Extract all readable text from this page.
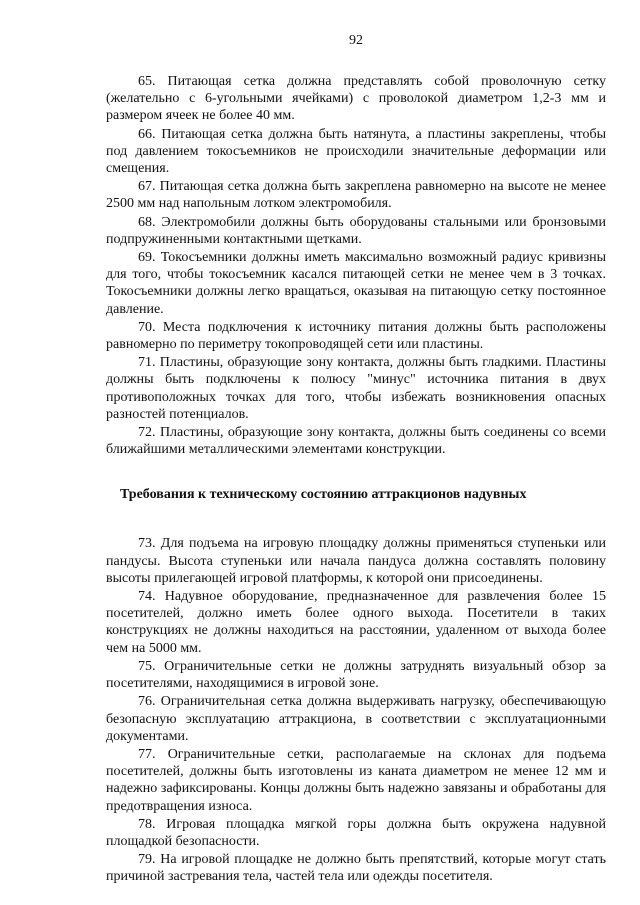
92

65. Питающая сетка должна представлять собой проволочную сетку (желательно с 6-угольными ячейками) с проволокой диаметром 1,2-3 мм и размером ячеек не более 40 мм.

66. Питающая сетка должна быть натянута, а пластины закреплены, чтобы под давлением токосъемников не происходили значительные деформации или смещения.

67. Питающая сетка должна быть закреплена равномерно на высоте не менее 2500 мм над напольным лотком электромобиля.

68. Электромобили должны быть оборудованы стальными или бронзовыми подпружиненными контактными щетками.

69. Токосъемники должны иметь максимально возможный радиус кривизны для того, чтобы токосъемник касался питающей сетки не менее чем в 3 точках. Токосъемники должны легко вращаться, оказывая на питающую сетку постоянное давление.

70. Места подключения к источнику питания должны быть расположены равномерно по периметру токопроводящей сети или пластины.

71. Пластины, образующие зону контакта, должны быть гладкими. Пластины должны быть подключены к полюсу "минус" источника питания в двух противоположных точках для того, чтобы избежать возникновения опасных разностей потенциалов.

72. Пластины, образующие зону контакта, должны быть соединены со всеми ближайшими металлическими элементами конструкции.

Требования к техническому состоянию аттракционов надувных

73. Для подъема на игровую площадку должны применяться ступеньки или пандусы. Высота ступеньки или начала пандуса должна составлять половину высоты прилегающей игровой платформы, к которой они присоединены.

74. Надувное оборудование, предназначенное для развлечения более 15 посетителей, должно иметь более одного выхода. Посетители в таких конструкциях не должны находиться на расстоянии, удаленном от выхода более чем на 5000 мм.

75. Ограничительные сетки не должны затруднять визуальный обзор за посетителями, находящимися в игровой зоне.

76. Ограничительная сетка должна выдерживать нагрузку, обеспечивающую безопасную эксплуатацию аттракциона, в соответствии с эксплуатационными документами.

77. Ограничительные сетки, располагаемые на склонах для подъема посетителей, должны быть изготовлены из каната диаметром не менее 12 мм и надежно зафиксированы. Концы должны быть надежно завязаны и обработаны для предотвращения износа.

78. Игровая площадка мягкой горы должна быть окружена надувной площадкой безопасности.

79. На игровой площадке не должно быть препятствий, которые могут стать причиной застревания тела, частей тела или одежды посетителя.
